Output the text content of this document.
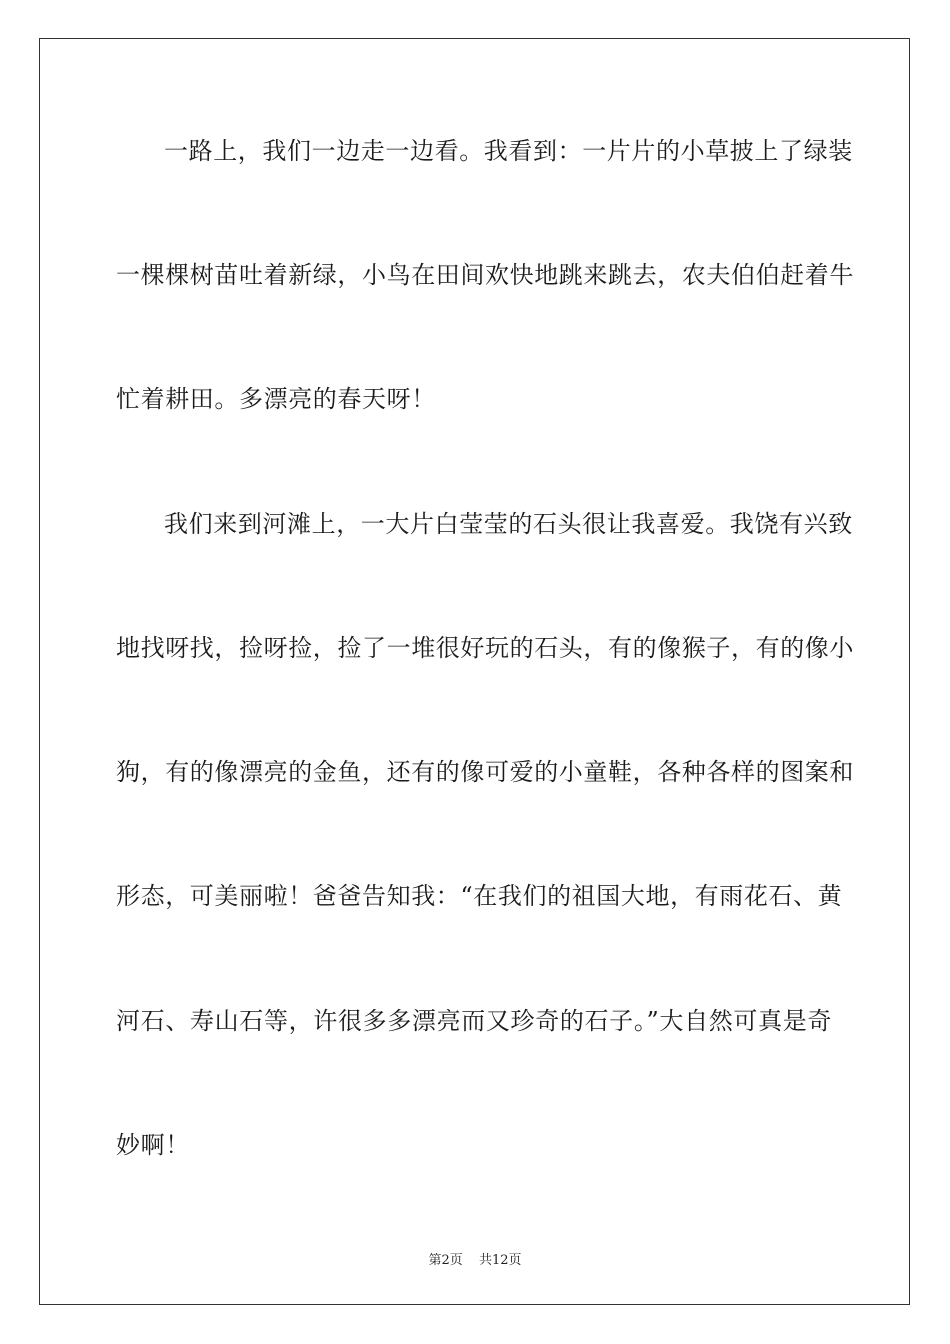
一路上，我们一边走一边看。我看到：一片片的小草披上了绿装
一棵棵树苗吐着新绿，小鸟在田间欢快地跳来跳去，农夫伯伯赶着牛
忙着耕田。多漂亮的春天呀！
我们来到河滩上，一大片白莹莹的石头很让我喜爱。我饶有兴致
地找呀找，捡呀捡，捡了一堆很好玩的石头，有的像猴子，有的像小
狗，有的像漂亮的金鱼，还有的像可爱的小童鞋，各种各样的图案和
形态，可美丽啦！爸爸告知我：“在我们的祖国大地，有雨花石、黄
河石、寿山石等，许很多多漂亮而又珍奇的石子。”大自然可真是奇
妙啊！
第2页 共12页
